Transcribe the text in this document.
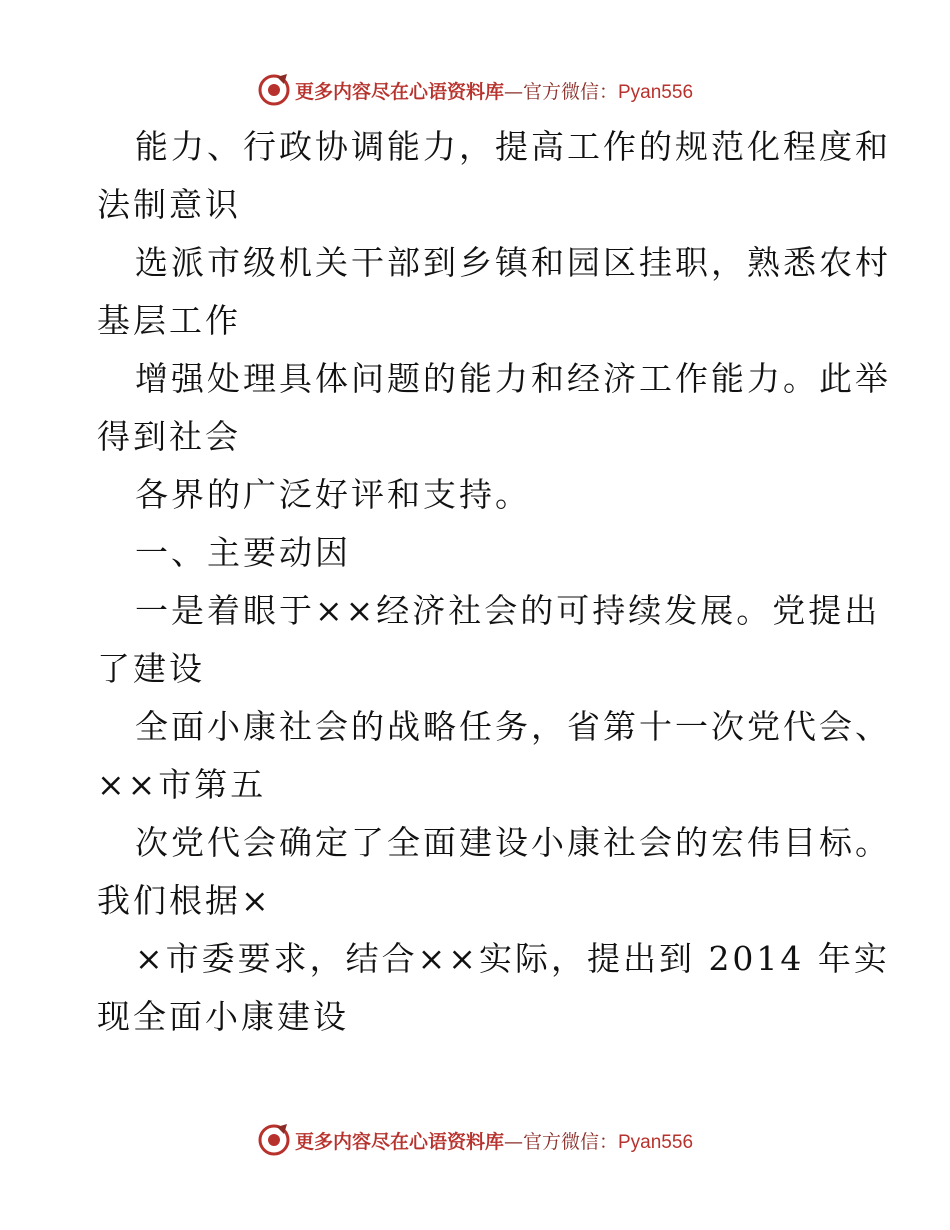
更多内容尽在心语资料库—官方微信：Pyan556
能力、行政协调能力，提高工作的规范化程度和
法制意识
选派市级机关干部到乡镇和园区挂职，熟悉农村
基层工作
增强处理具体问题的能力和经济工作能力。此举
得到社会
各界的广泛好评和支持。
一、主要动因
一是着眼于××经济社会的可持续发展。党提出
了建设
全面小康社会的战略任务，省第十一次党代会、
××市第五
次党代会确定了全面建设小康社会的宏伟目标。
我们根据×
×市委要求，结合××实际，提出到 2014 年实
现全面小康建设
更多内容尽在心语资料库—官方微信：Pyan556
